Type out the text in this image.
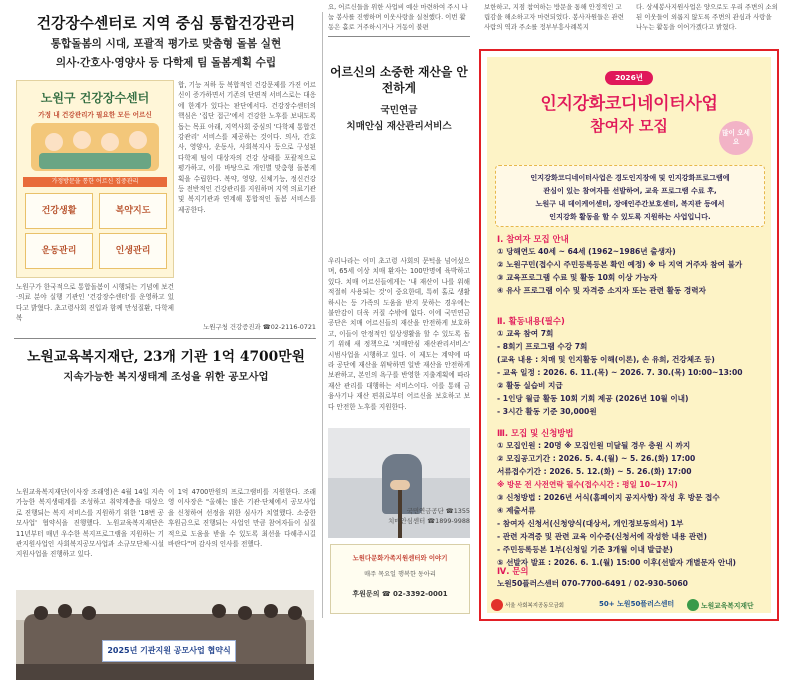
요, 어르신들을 위한 사업비 예산 마련하여 주시 나눔 봉사를 진행하며 이웃사랑을 실천했다. 이번 활동은 홀로 거주하시거나 거동이 불편
보한하고, 지점 참여하는 방문을 통해 안정적인 고립감을 해소하고자 마련되었다. 봉사자원들은 관련 사람의 역과 주소를 정부부흥사례복지
다. 상세봉사지원사업은 양으로도 우리 주변의 소외된 이웃들이 외롭지 않도록 주변의 관심과 사랑을 나누는 활동을 이어가겠다고 밝혔다.
건강장수센터로 지역 중심 통합건강관리
통합돌봄의 시대, 포괄적 평가로 맞춤형 돌봄 실현
의사·간호사·영양사 등 다학제 팀 돌봄계획 수립
노원구 건강장수센터
가정 내 건강관리가 필요한 모든 어르신
가정방문을 통한 어르신 집중관리
건강생활	복약지도
운동관리	인생관리
합, 기능 저하 등 복합적인 건강문제를 가진 어르신이 증가하면서 기존의 단편적 서비스로는 대응에 한계가 있다는 판단에서다. 건강장수센터의 핵심은 '집단 접근'에서 건강한 노후를 보내도록 돕는 목표 아래, 지역사회 중심의 '다학제 통합건강관리' 서비스를 제공하는 것이다. 의사, 간호사, 영양사, 운동사, 사회복지사 등으로 구성된 다학제 팀이 대상자의 건강 상태를 포괄적으로 평가하고, 이를 바탕으로 개인별 맞춤형 돌봄계획을 수립한다. 복약, 영양, 신체기능, 정신건강 등 전반적인 건강관리를 지원하며 지역 의료기관 및 복지기관과 연계해 통합적인 돌봄 서비스를 제공한다.
노원구가 한국적으로 통합돌봄이 시행되는 기념에 보건·의료 분야 실행 기관인 '건강장수센터'를 운영하고 있다고 밝혔다. 초고령사회 진입과 함께 만성질환, 다학제 복
노원구청 건강증진과 ☎02-2116-0721
노원교육복지재단, 23개 기관 1억 4700만원
지속가능한 복지생태계 조성을 위한 공모사업
2025년 기관지원 공모사업 협약식
노원교육복지재단(이사장 조래영)은 4월 14일 지속가능한 복지생태계를 조성하고 취약계층을 대상으로 진행되는 복지 서비스를 지원하기 위한 '18번 공모사업' 협약식을 진행했다. 노원교육복지재단은 11년부터 매년 우수한 복지프로그램을 지원하는 기관지원사업인 사회복지공모사업과 소규모단체·시설지원사업을 진행하고 있다.
이 1억 4700만원의 프로그램비를 지원한다. 조래영 이사장은 "올해는 많은 기관·단체에서 공모사업을 신청하여 선정을 위한 심사가 치열했다. 소중한 후원금으로 진행되는 사업인 만큼 참여자들이 실질적으로 도움을 받을 수 있도록 최선을 다해주시길 바란다"며 감사의 인사를 전했다.
어르신의 소중한 재산을 안전하게
국민연금
치매안심 재산관리서비스
우리나라는 이미 초고령 사회의 문턱을 넘어섰으며, 65세 이상 치매 환자는 100만명에 육박하고 있다. 치매 어르신들에게는 '내 재산이 나를 위해 적절히 사용되는 것'이 중요한데, 특히 홀로 생활하시는 등 가족의 도움을 받지 못하는 경우에는 불안감이 더욱 커질 수밖에 없다. 이에 국민연금공단은 치매 어르신들의 재산을 안전하게 보호하고, 이들이 안정적인 일상생활을 할 수 있도록 돕기 위해 새 정책으로 '치매안심 재산관리서비스' 시범사업을 시행하고 있다. 이 제도는 계약에 따라 공단에 재산을 위탁하면 일반 재산을 안전하게 보관하고, 본인의 욕구를 반영한 지출계획에 따라 재산 관리를 대행하는 서비스이다. 이를 통해 금융사기나 재산 편취로부터 어르신을 보호하고 보다 안전한 노후를 지원한다.
국민연금공단 ☎1355
치매안심센터 ☎1899-9988
노원다문화가족지원센터와 이야기
매주 목요일 행복한 동아리
후원문의 ☎ 02-3392-0001
2026년
인지강화코디네이터사업
참여자 모집	많이 오세요
인지강화코디네이터사업은 경도인지장애 및 인지강화프로그램에
관심이 있는 참여자를 선발하여, 교육 프로그램 수료 후,
노원구 내 데이케어센터, 장애인주간보호센터, 복지관 등에서
인지강화 활동을 할 수 있도록 지원하는 사업입니다.
Ⅰ. 참여자 모집 안내
① 당해연도 40세 ~ 64세 (1962~1986년 출생자)
② 노원구민(접수시 주민등록등본 확인 예정) ※ 타 지역 거주자 참여 불가
③ 교육프로그램 수료 및 활동 10회 이상 가능자
④ 유사 프로그램 이수 및 자격증 소지자 또는 관련 활동 경력자
Ⅱ. 활동내용(필수)
① 교육 참여 7회
- 8회기 프로그램 수강 7회
(교육 내용 : 치매 및 인지활동 이해(이론), 손 유희, 건강체조 등)
- 교육 일정 : 2026. 6. 11.(목) ~ 2026. 7. 30.(목) 10:00~13:00
② 활동 실습비 지급
- 1인당 월급 활동 10회 기회 제공 (2026년 10월 이내)
- 3시간 활동 기준 30,000원
Ⅲ. 모집 및 신청방법
① 모집인원 : 20명 ※ 모집인원 미달될 경우 충원 시 까지
② 모집공고기간 : 2026. 5. 4.(월) ~ 5. 26.(화) 17:00
서류접수기간 : 2026. 5. 12.(화) ~ 5. 26.(화) 17:00
※ 방문 전 사전연락 필수(접수시간 : 평일 10~17시)
③ 신청방법 : 2026년 서식(홈페이지 공지사항) 작성 후 방문 접수
④ 제출서류
- 참여자 신청서(신청양식(대상서, 개인정보동의서) 1부
- 관련 자격증 및 관련 교육 이수증(신청서에 작성한 내용 관련)
- 주민등록등본 1부(신청일 기준 3개월 이내 발급분)
⑤ 선발자 발표 : 2026. 6. 1.(월) 15:00 이후(선발자 개별문자 안내)
Ⅳ. 문의
노원50플러스센터 070-7700-6491 / 02-930-5060
서울 사회복지공동모금회	50+ 노원50플러스센터	노원교육복지재단
